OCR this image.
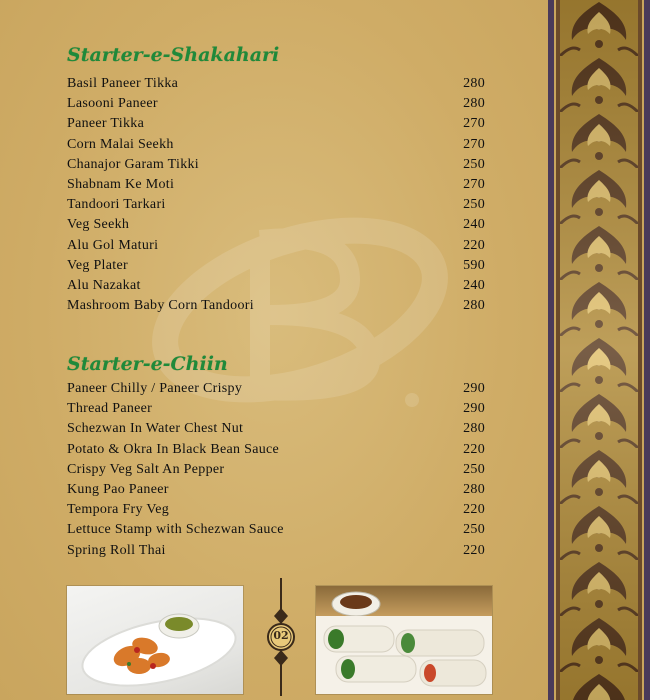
Starter-e-Shakahari
Basil Paneer Tikka	280
Lasooni Paneer	280
Paneer Tikka	270
Corn Malai Seekh	270
Chanajor Garam Tikki	250
Shabnam Ke Moti	270
Tandoori Tarkari	250
Veg Seekh	240
Alu Gol Maturi	220
Veg Plater	590
Alu Nazakat	240
Mashroom Baby Corn Tandoori	280
Starter-e-Chiin
Paneer Chilly / Paneer Crispy	290
Thread Paneer	290
Schezwan In Water Chest Nut	280
Potato & Okra In Black Bean Sauce	220
Crispy Veg Salt An Pepper	250
Kung Pao Paneer	280
Tempora Fry Veg	220
Lettuce Stamp with Schezwan Sauce	250
Spring Roll Thai	220
02
